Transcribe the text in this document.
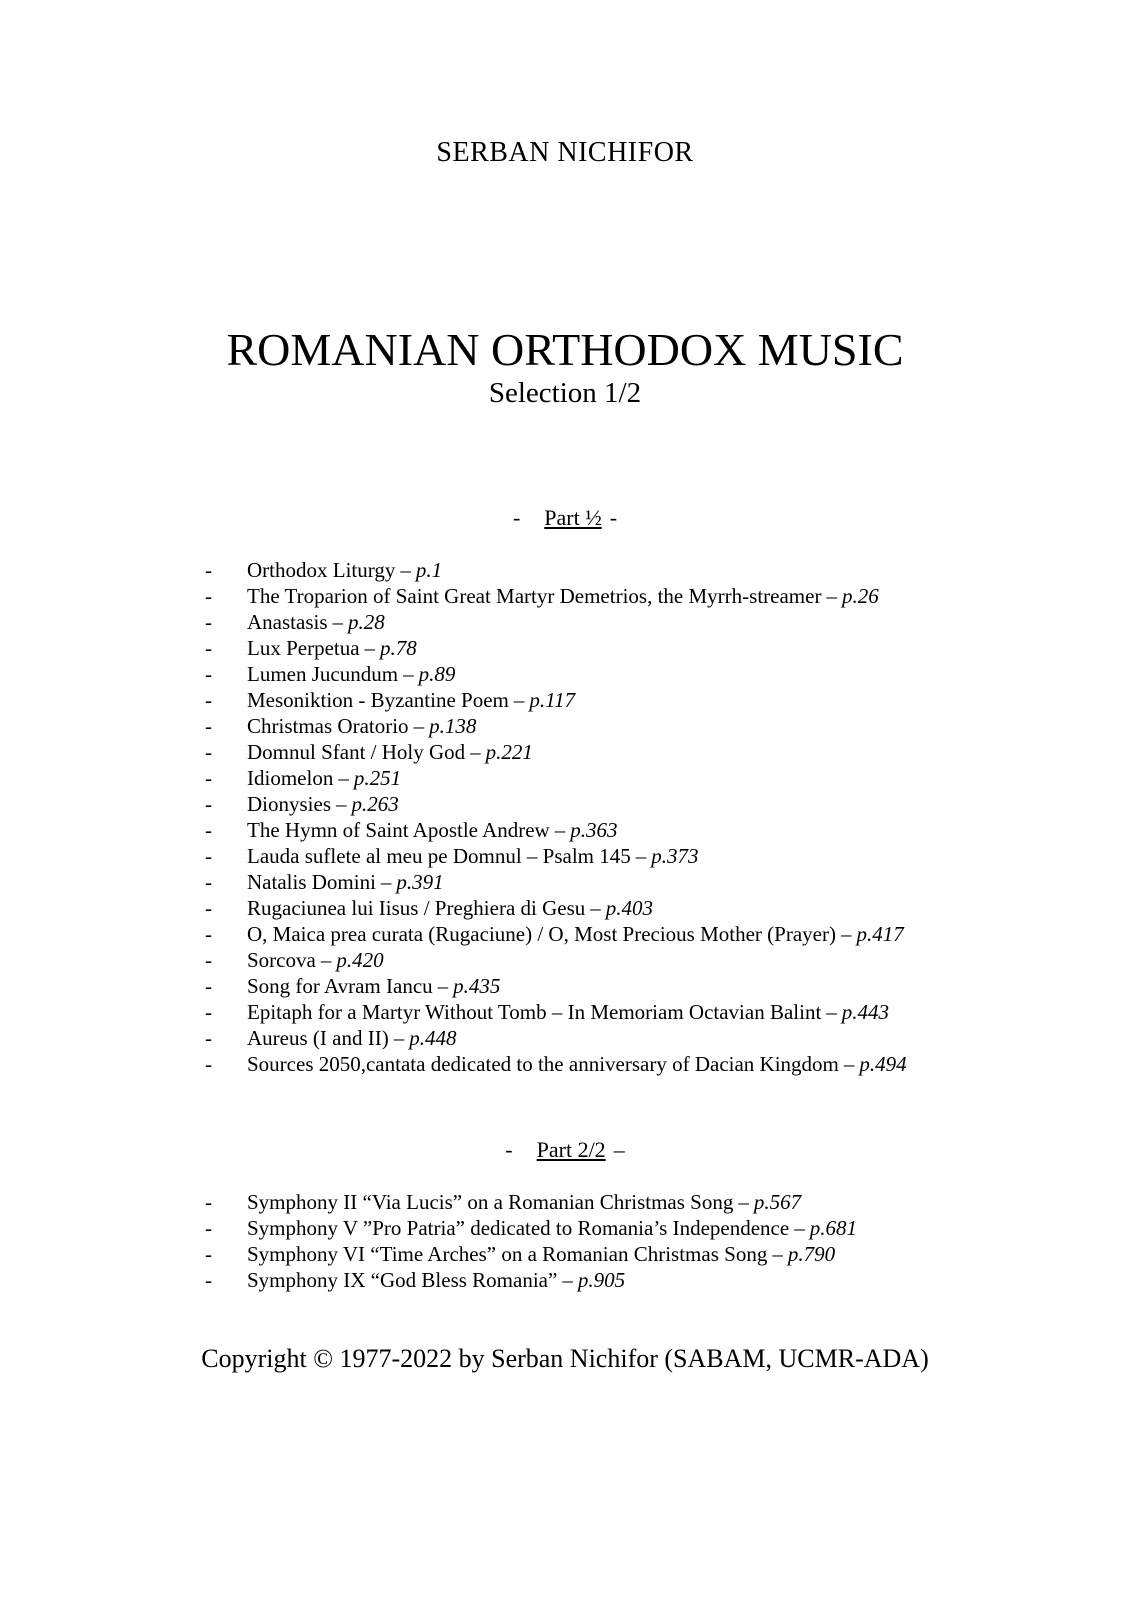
SERBAN NICHIFOR
ROMANIAN ORTHODOX MUSIC
Selection 1/2
- Part ½ -
- Orthodox Liturgy – p.1
- The Troparion of Saint Great Martyr Demetrios, the Myrrh-streamer – p.26
- Anastasis – p.28
- Lux Perpetua – p.78
- Lumen Jucundum – p.89
- Mesoniktion - Byzantine Poem – p.117
- Christmas Oratorio – p.138
- Domnul Sfant / Holy God – p.221
- Idiomelon – p.251
- Dionysies – p.263
- The Hymn of Saint Apostle Andrew – p.363
- Lauda suflete al meu pe Domnul – Psalm 145 – p.373
- Natalis Domini – p.391
- Rugaciunea lui Iisus / Preghiera di Gesu – p.403
- O, Maica prea curata (Rugaciune) / O, Most Precious Mother (Prayer) – p.417
- Sorcova – p.420
- Song for Avram Iancu – p.435
- Epitaph for a Martyr Without Tomb – In Memoriam Octavian Balint – p.443
- Aureus (I and II) – p.448
- Sources 2050,cantata dedicated to the anniversary of Dacian Kingdom – p.494
- Part 2/2 –
- Symphony II “Via Lucis” on a Romanian Christmas Song – p.567
- Symphony V ”Pro Patria” dedicated to Romania’s Independence – p.681
- Symphony VI “Time Arches” on a Romanian Christmas Song – p.790
- Symphony IX “God Bless Romania” – p.905
Copyright © 1977-2022 by Serban Nichifor (SABAM, UCMR-ADA)
